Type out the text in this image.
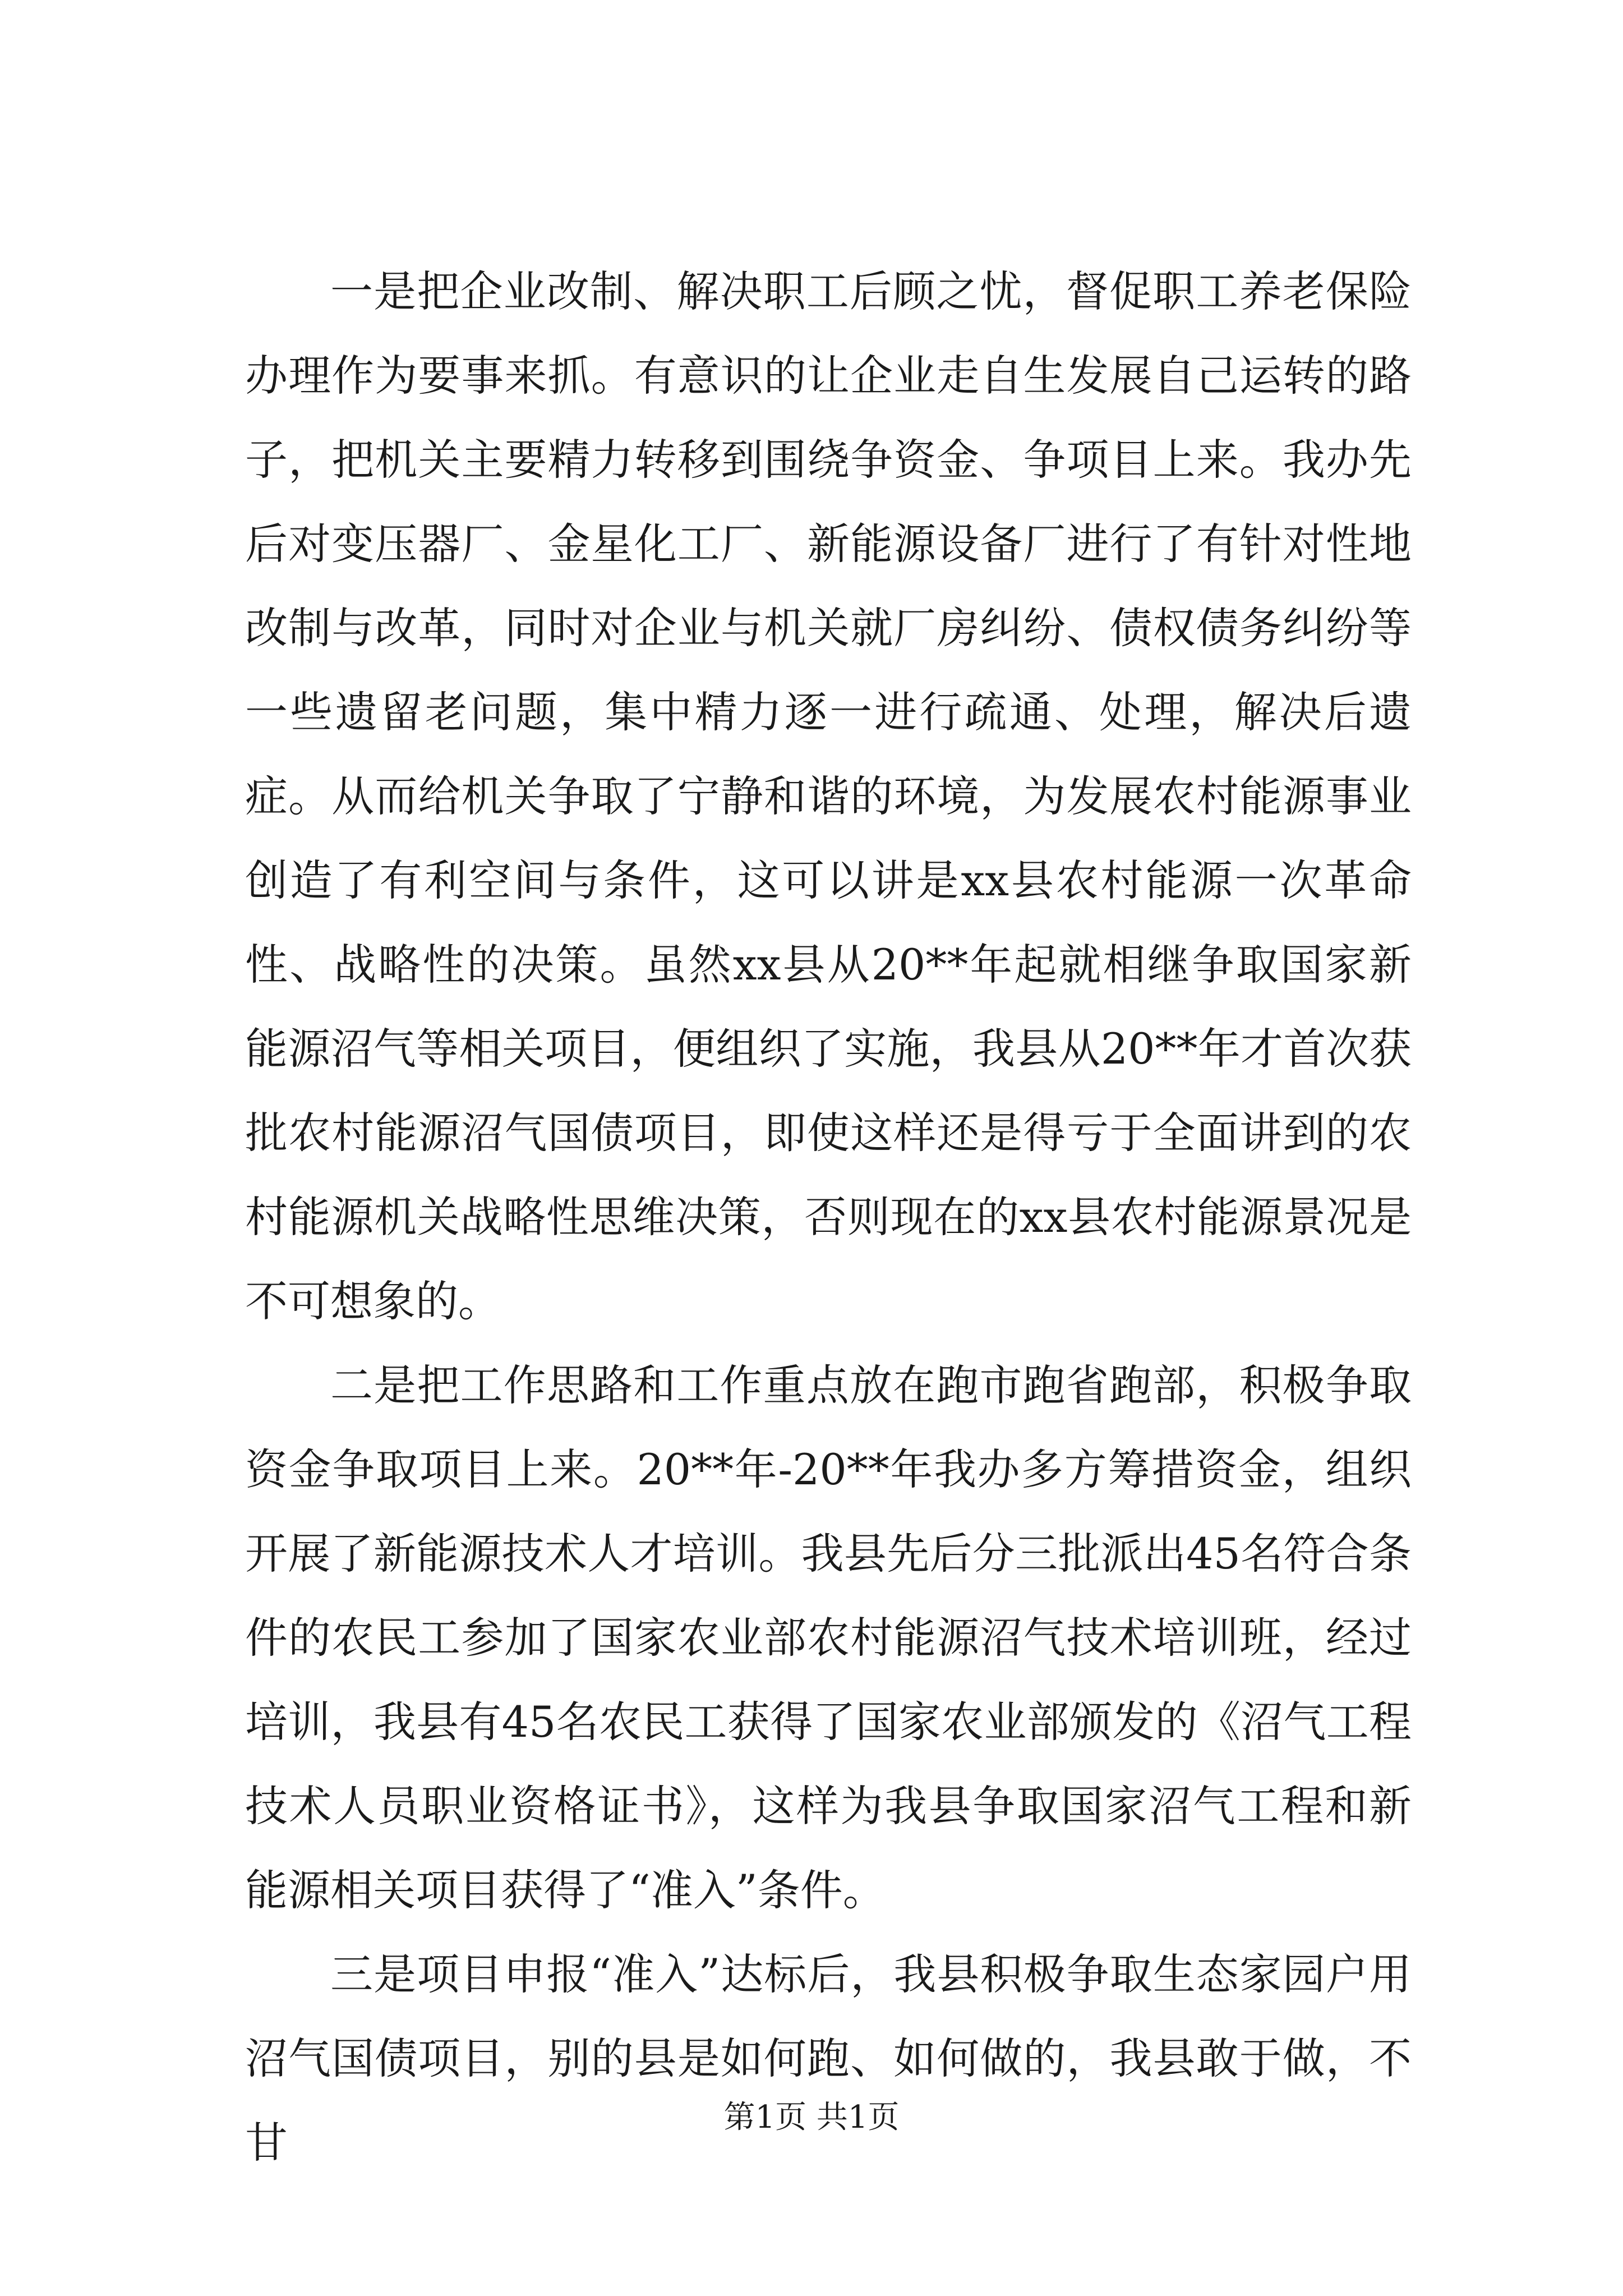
一是把企业改制、解决职工后顾之忧，督促职工养老保险办理作为要事来抓。有意识的让企业走自生发展自己运转的路子，把机关主要精力转移到围绕争资金、争项目上来。我办先后对变压器厂、金星化工厂、新能源设备厂进行了有针对性地改制与改革，同时对企业与机关就厂房纠纷、债权债务纠纷等一些遗留老问题，集中精力逐一进行疏通、处理，解决后遗症。从而给机关争取了宁静和谐的环境，为发展农村能源事业创造了有利空间与条件，这可以讲是xx县农村能源一次革命性、战略性的决策。虽然xx县从20**年起就相继争取国家新能源沼气等相关项目，便组织了实施，我县从20**年才首次获批农村能源沼气国债项目，即使这样还是得亏于全面讲到的农村能源机关战略性思维决策，否则现在的xx县农村能源景况是不可想象的。

二是把工作思路和工作重点放在跑市跑省跑部，积极争取资金争取项目上来。20**年-20**年我办多方筹措资金，组织开展了新能源技术人才培训。我县先后分三批派出45名符合条件的农民工参加了国家农业部农村能源沼气技术培训班，经过培训，我县有45名农民工获得了国家农业部颁发的《沼气工程技术人员职业资格证书》，这样为我县争取国家沼气工程和新能源相关项目获得了“准入”条件。

三是项目申报“准入”达标后，我县积极争取生态家园户用沼气国债项目，别的县是如何跑、如何做的，我县敢于做，不甘

第1页 共1页
